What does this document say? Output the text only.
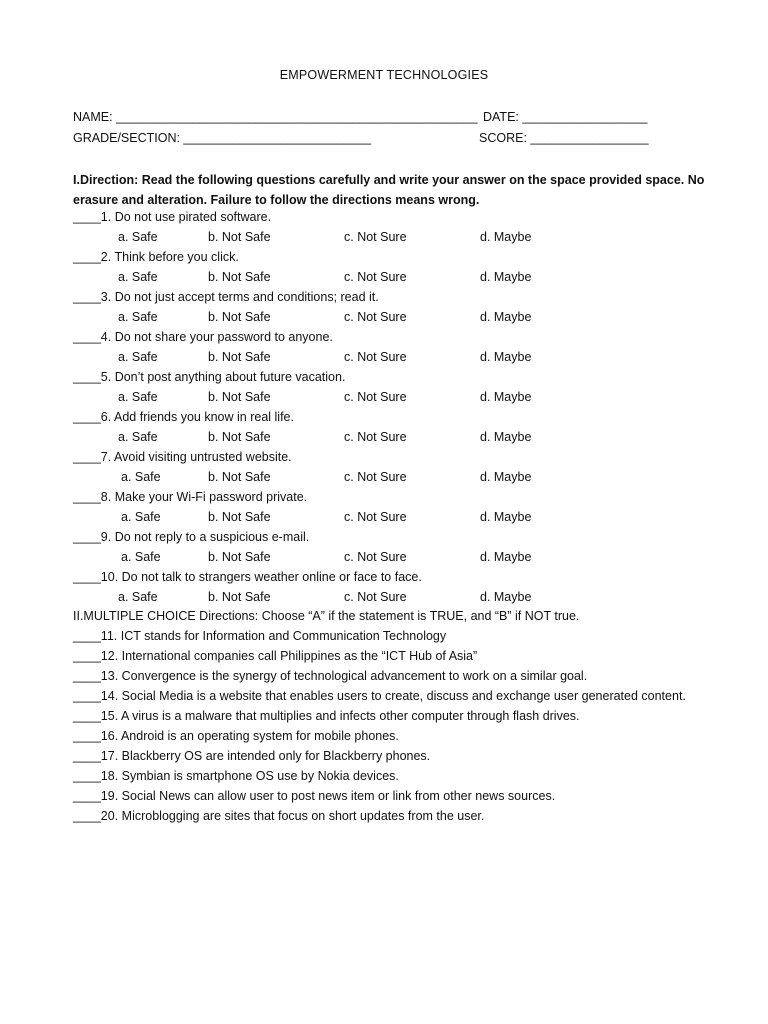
EMPOWERMENT TECHNOLOGIES
NAME: ____________________________________________________ DATE: __________________
GRADE/SECTION: ___________________________	SCORE: _________________
I.Direction: Read the following questions carefully and write your answer on the space provided space. No erasure and alteration. Failure to follow the directions means wrong.
____1. Do not use pirated software.
a. Safe	b. Not Safe	c. Not Sure	d. Maybe
____2. Think before you click.
a. Safe	b. Not Safe	c. Not Sure	d. Maybe
____3. Do not just accept terms and conditions; read it.
a. Safe	b. Not Safe	c. Not Sure	d. Maybe
____4. Do not share your password to anyone.
a. Safe	b. Not Safe	c. Not Sure	d. Maybe
____5. Don’t post anything about future vacation.
a. Safe	b. Not Safe	c. Not Sure	d. Maybe
____6. Add friends you know in real life.
a. Safe	b. Not Safe	c. Not Sure	d. Maybe
____7. Avoid visiting untrusted website.
a. Safe	b. Not Safe	c. Not Sure	d. Maybe
____8. Make your Wi-Fi password private.
a. Safe	b. Not Safe	c. Not Sure	d. Maybe
____9. Do not reply to a suspicious e-mail.
a. Safe	b. Not Safe	c. Not Sure	d. Maybe
____10. Do not talk to strangers weather online or face to face.
a. Safe	b. Not Safe	c. Not Sure	d. Maybe
II.MULTIPLE CHOICE Directions: Choose “A” if the statement is TRUE, and “B” if NOT true.
____11. ICT stands for Information and Communication Technology
____12. International companies call Philippines as the “ICT Hub of Asia”
____13. Convergence is the synergy of technological advancement to work on a similar goal.
____14. Social Media is a website that enables users to create, discuss and exchange user generated content.
____15. A virus is a malware that multiplies and infects other computer through flash drives.
____16. Android is an operating system for mobile phones.
____17. Blackberry OS are intended only for Blackberry phones.
____18. Symbian is smartphone OS use by Nokia devices.
____19. Social News can allow user to post news item or link from other news sources.
____20. Microblogging are sites that focus on short updates from the user.
